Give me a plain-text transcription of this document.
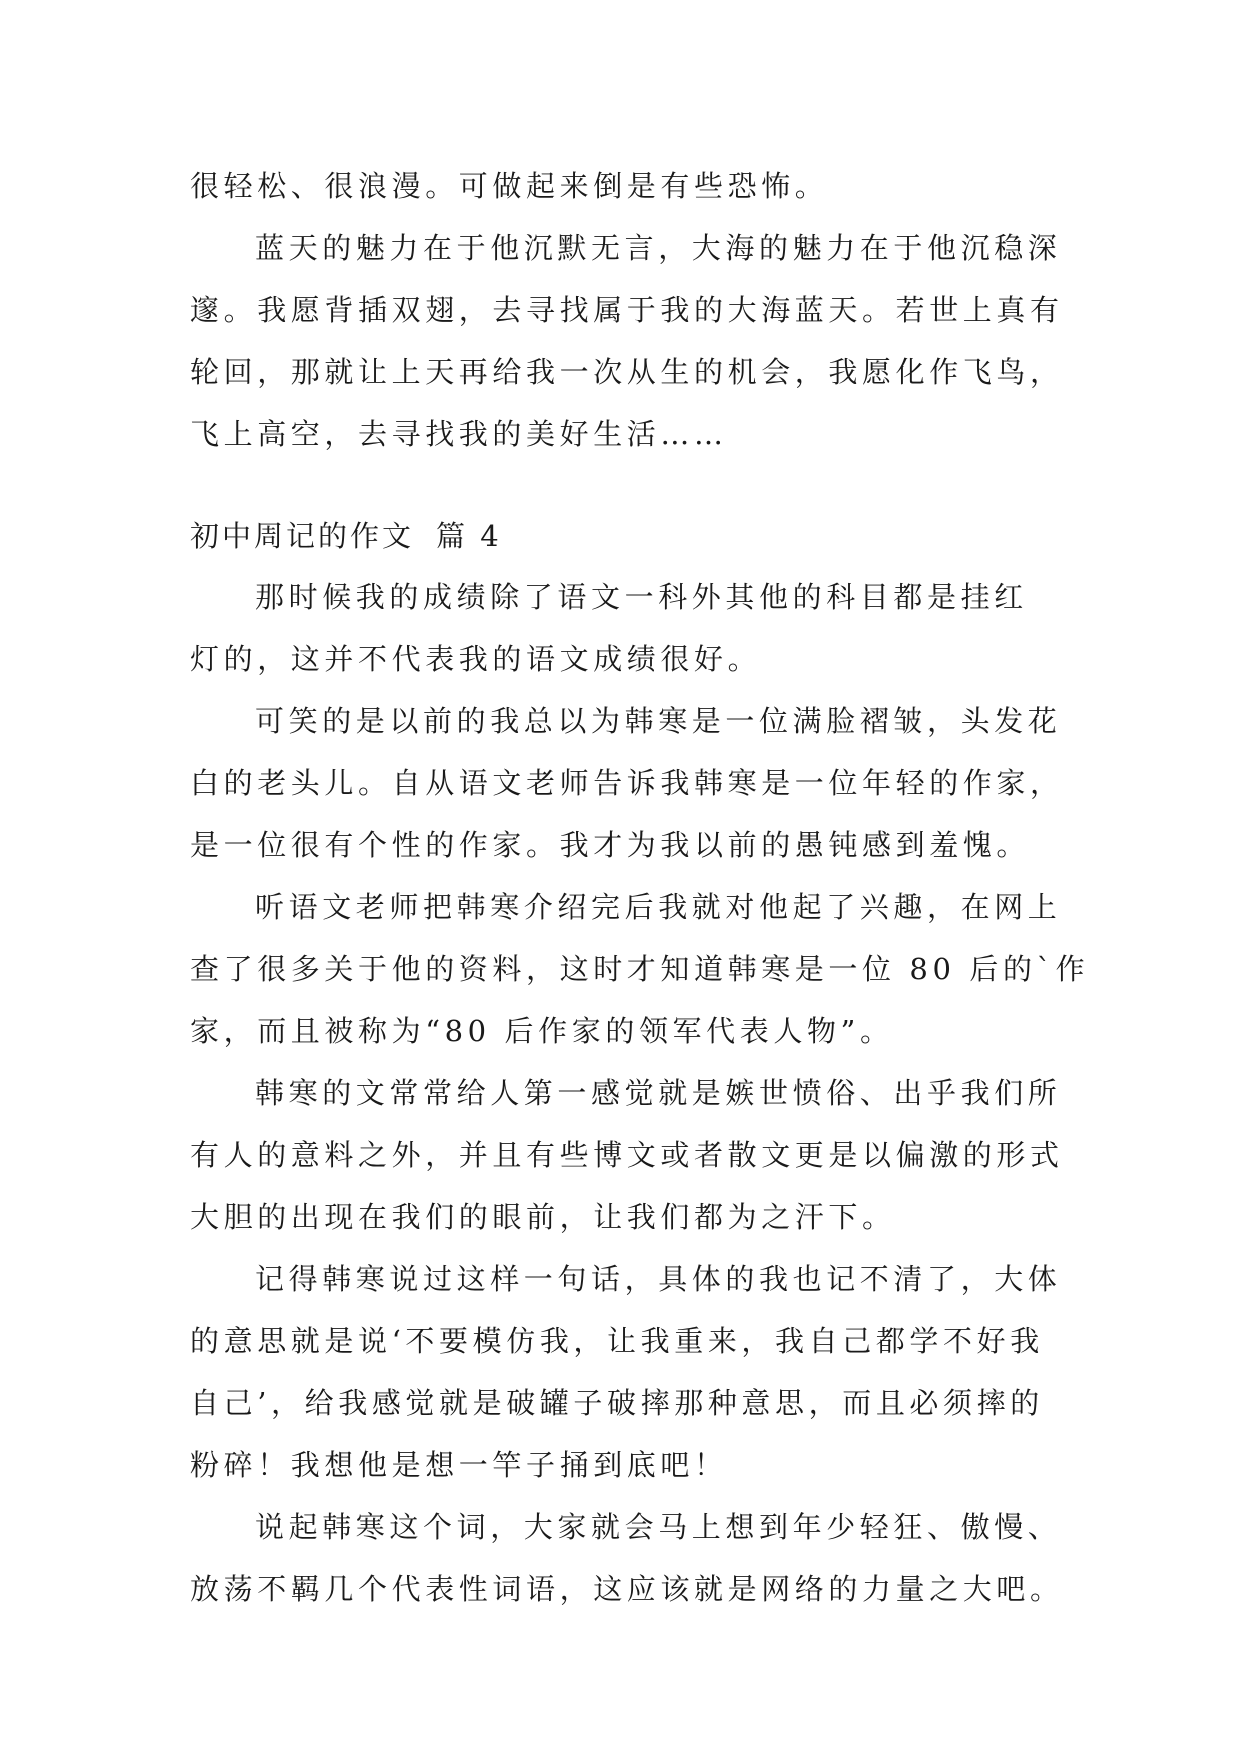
很轻松、很浪漫。可做起来倒是有些恐怖。
蓝天的魅力在于他沉默无言，大海的魅力在于他沉稳深
邃。我愿背插双翅，去寻找属于我的大海蓝天。若世上真有
轮回，那就让上天再给我一次从生的机会，我愿化作飞鸟，
飞上高空，去寻找我的美好生活……
初中周记的作文 篇 4
那时候我的成绩除了语文一科外其他的科目都是挂红
灯的，这并不代表我的语文成绩很好。
可笑的是以前的我总以为韩寒是一位满脸褶皱，头发花
白的老头儿。自从语文老师告诉我韩寒是一位年轻的作家，
是一位很有个性的作家。我才为我以前的愚钝感到羞愧。
听语文老师把韩寒介绍完后我就对他起了兴趣，在网上
查了很多关于他的资料，这时才知道韩寒是一位 80 后的`作
家，而且被称为“80 后作家的领军代表人物”。
韩寒的文常常给人第一感觉就是嫉世愤俗、出乎我们所
有人的意料之外，并且有些博文或者散文更是以偏激的形式
大胆的出现在我们的眼前，让我们都为之汗下。
记得韩寒说过这样一句话，具体的我也记不清了，大体
的意思就是说‘不要模仿我，让我重来，我自己都学不好我
自己’，给我感觉就是破罐子破摔那种意思，而且必须摔的
粉碎！我想他是想一竿子捅到底吧！
说起韩寒这个词，大家就会马上想到年少轻狂、傲慢、
放荡不羁几个代表性词语，这应该就是网络的力量之大吧。
